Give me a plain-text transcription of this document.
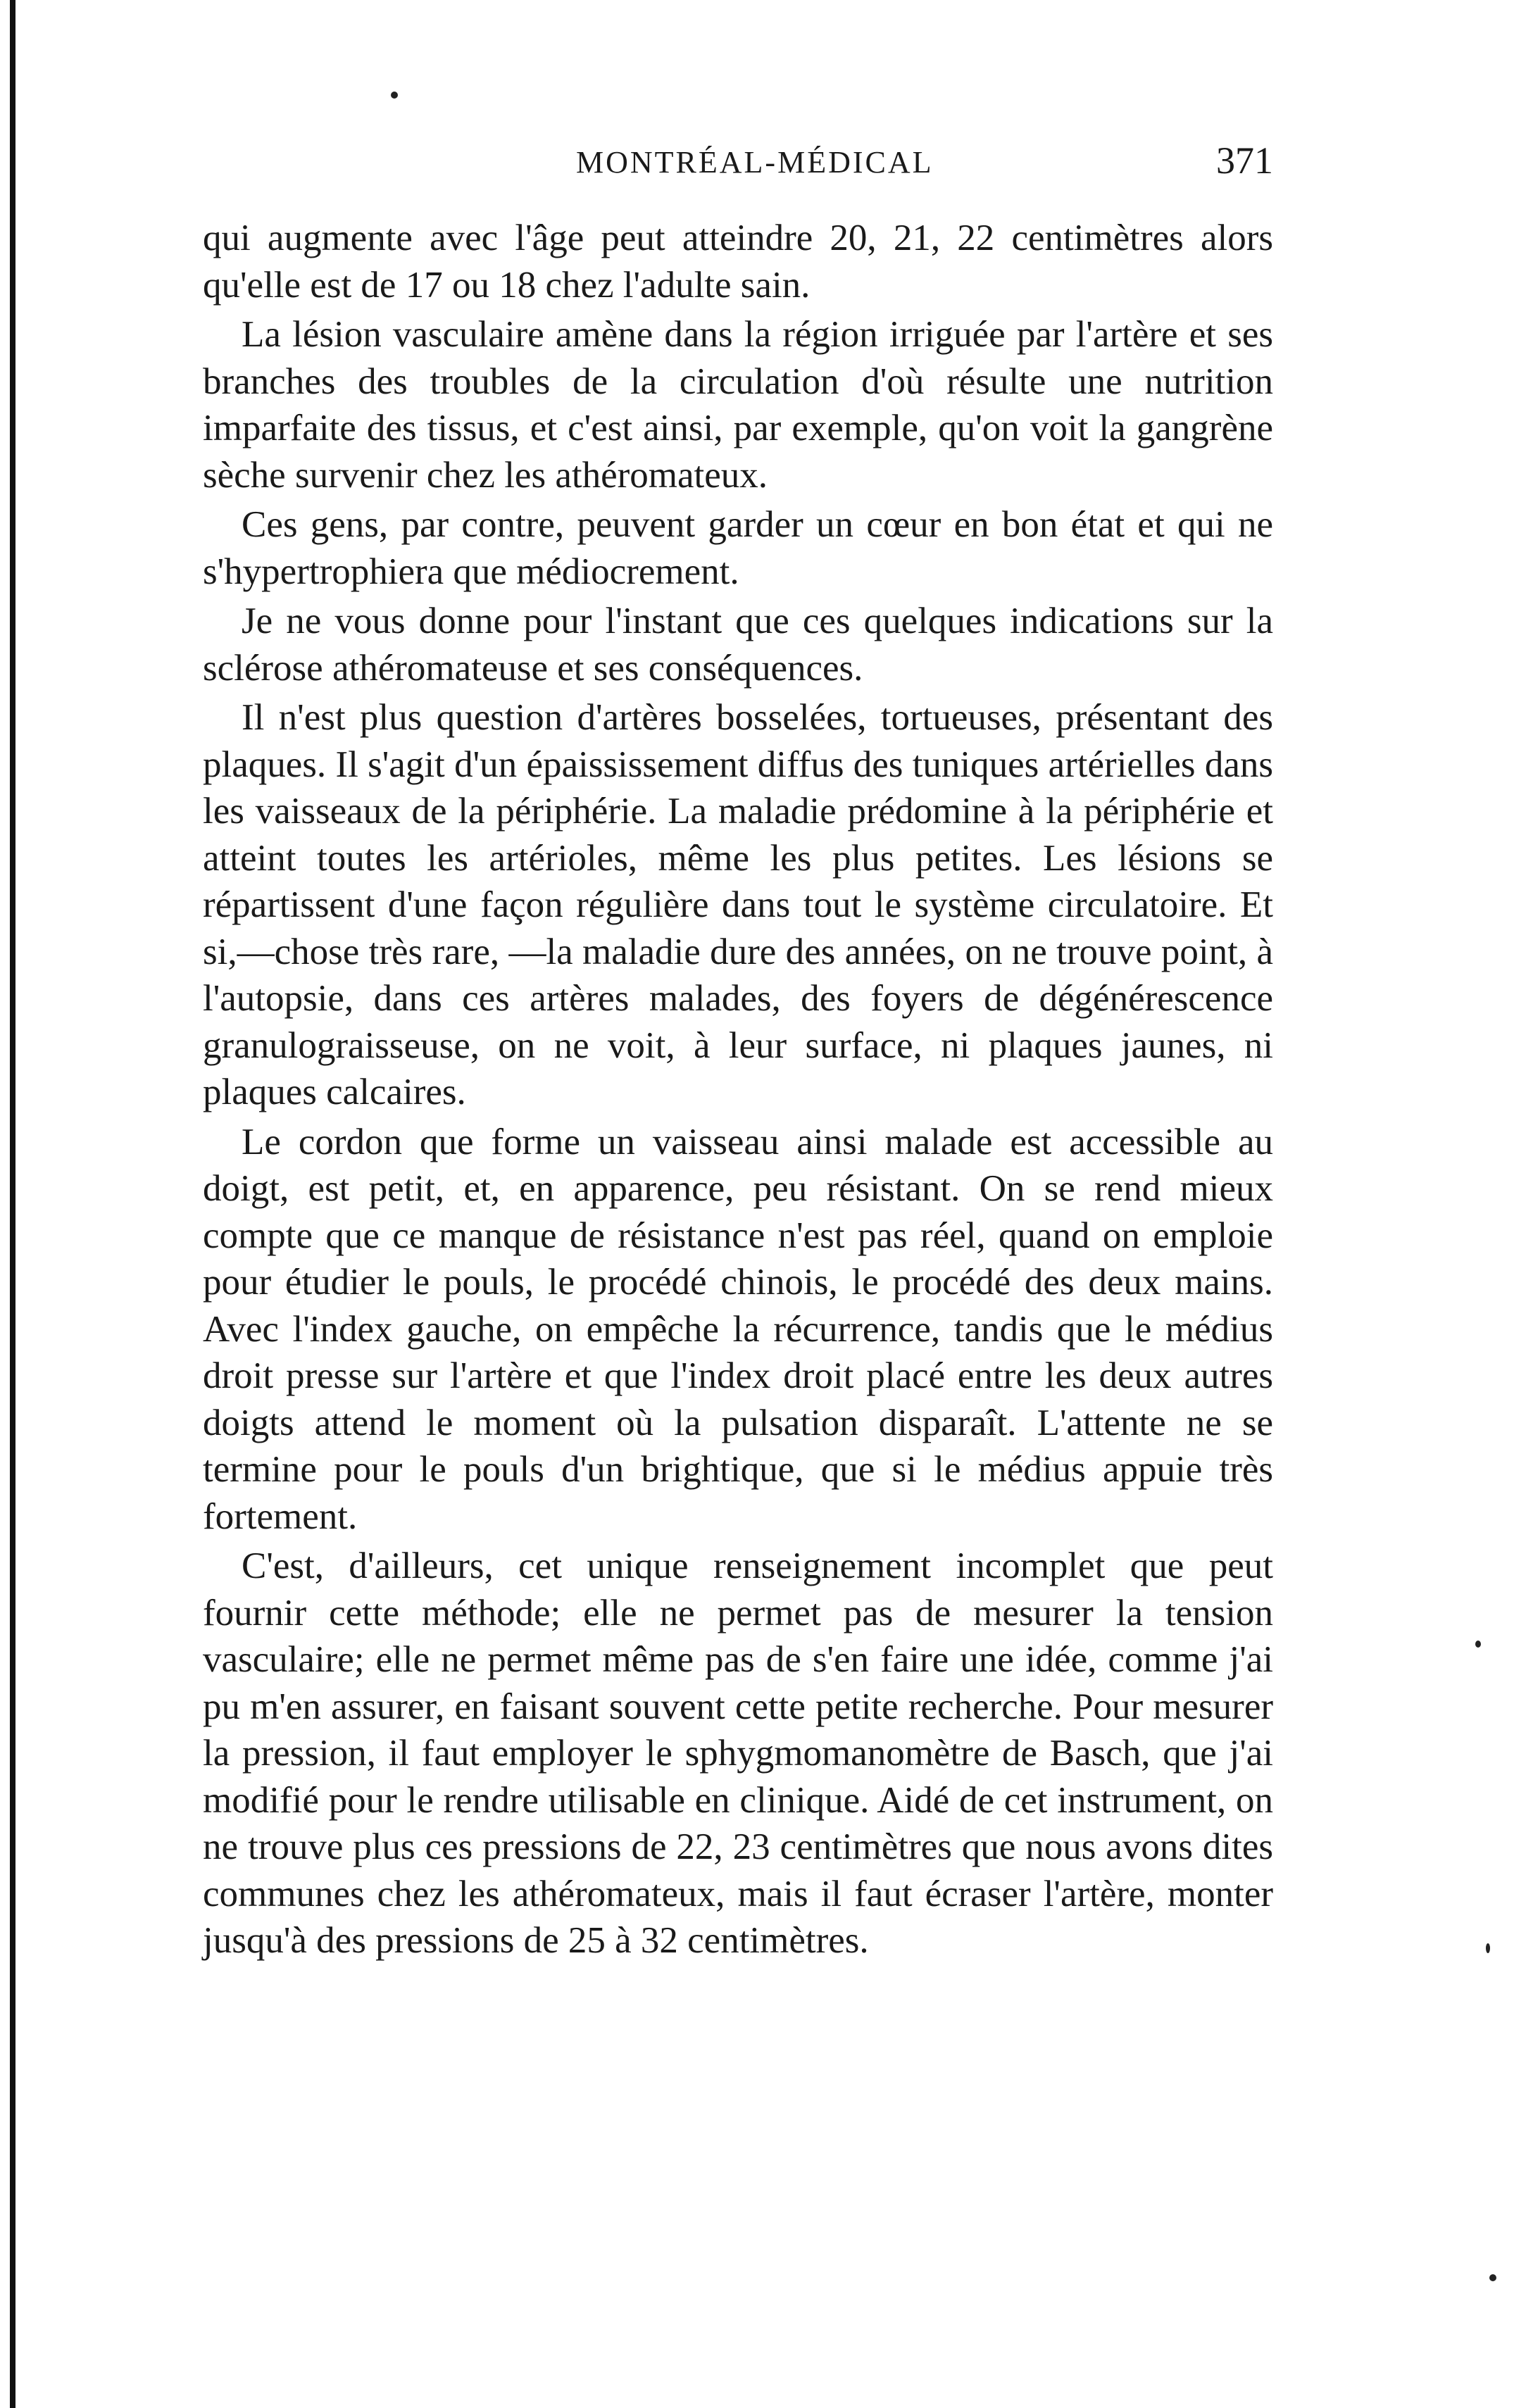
MONTRÉAL-MÉDICAL	371

qui augmente avec l'âge peut atteindre 20, 21, 22 centimètres alors qu'elle est de 17 ou 18 chez l'adulte sain.

La lésion vasculaire amène dans la région irriguée par l'artère et ses branches des troubles de la circulation d'où résulte une nutrition imparfaite des tissus, et c'est ainsi, par exemple, qu'on voit la gangrène sèche survenir chez les athéromateux.

Ces gens, par contre, peuvent garder un cœur en bon état et qui ne s'hypertrophiera que médiocrement.

Je ne vous donne pour l'instant que ces quelques indications sur la sclérose athéromateuse et ses conséquences.

Il n'est plus question d'artères bosselées, tortueuses, présentant des plaques. Il s'agit d'un épaississement diffus des tuniques artérielles dans les vaisseaux de la périphérie. La maladie prédomine à la périphérie et atteint toutes les artérioles, même les plus petites. Les lésions se répartissent d'une façon régulière dans tout le système circulatoire. Et si,—chose très rare, —la maladie dure des années, on ne trouve point, à l'autopsie, dans ces artères malades, des foyers de dégénérescence granulograisseuse, on ne voit, à leur surface, ni plaques jaunes, ni plaques calcaires.

Le cordon que forme un vaisseau ainsi malade est accessible au doigt, est petit, et, en apparence, peu résistant. On se rend mieux compte que ce manque de résistance n'est pas réel, quand on emploie pour étudier le pouls, le procédé chinois, le procédé des deux mains. Avec l'index gauche, on empêche la récurrence, tandis que le médius droit presse sur l'artère et que l'index droit placé entre les deux autres doigts attend le moment où la pulsation disparaît. L'attente ne se termine pour le pouls d'un brightique, que si le médius appuie très fortement.

C'est, d'ailleurs, cet unique renseignement incomplet que peut fournir cette méthode; elle ne permet pas de mesurer la tension vasculaire; elle ne permet même pas de s'en faire une idée, comme j'ai pu m'en assurer, en faisant souvent cette petite recherche. Pour mesurer la pression, il faut employer le sphygmomanomètre de Basch, que j'ai modifié pour le rendre utilisable en clinique. Aidé de cet instrument, on ne trouve plus ces pressions de 22, 23 centimètres que nous avons dites communes chez les athéromateux, mais il faut écraser l'artère, monter jusqu'à des pressions de 25 à 32 centimètres.
